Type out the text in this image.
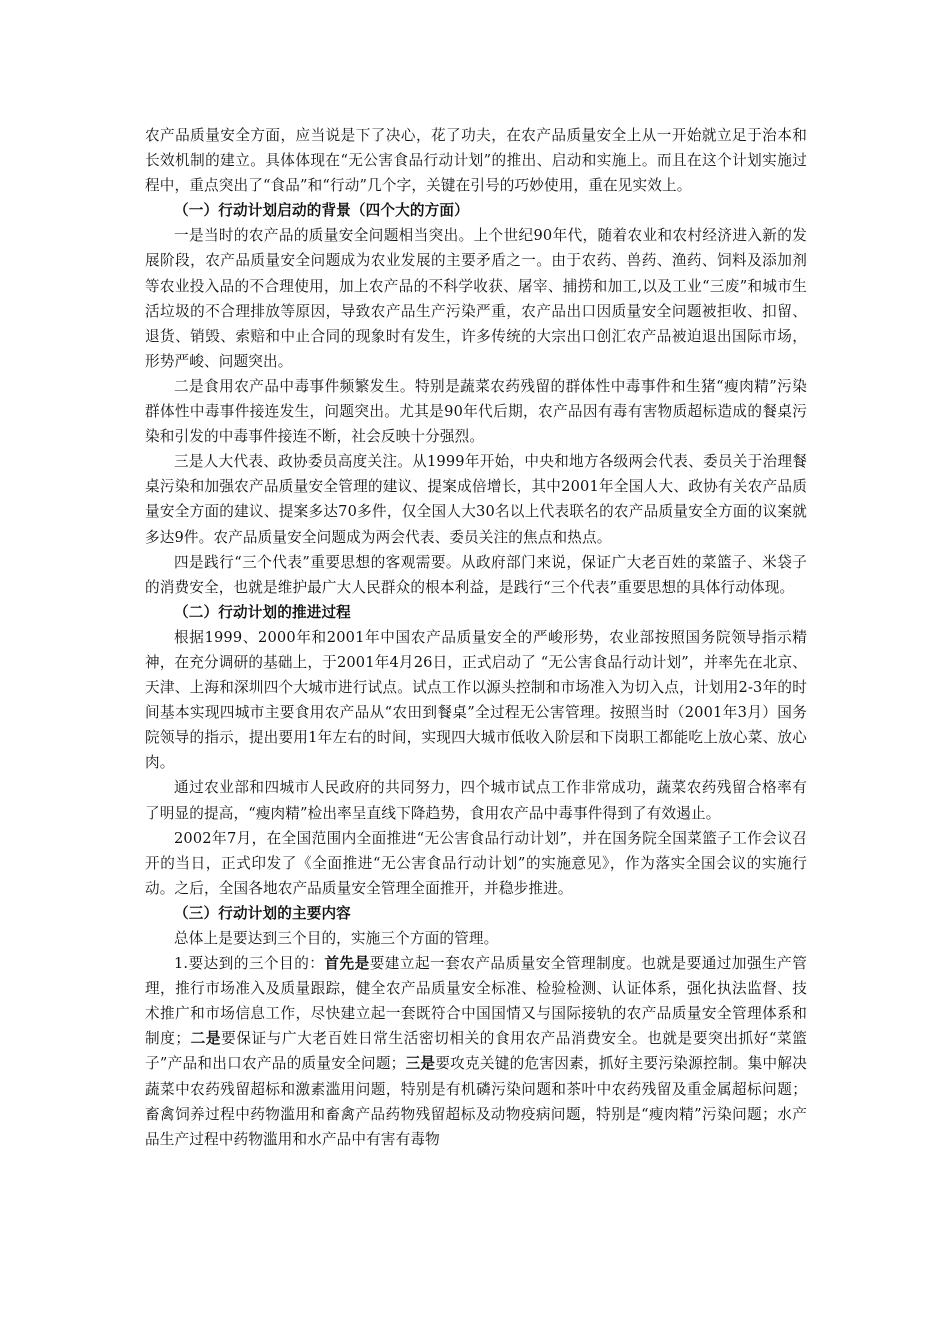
农产品质量安全方面，应当说是下了决心，花了功夫，在农产品质量安全上从一开始就立足于治本和长效机制的建立。具体体现在“无公害食品行动计划”的推出、启动和实施上。而且在这个计划实施过程中，重点突出了“食品”和“行动”几个字，关键在引号的巧妙使用，重在见实效上。

（一）行动计划启动的背景（四个大的方面）

一是当时的农产品的质量安全问题相当突出。上个世纪90年代，随着农业和农村经济进入新的发展阶段，农产品质量安全问题成为农业发展的主要矛盾之一。由于农药、兽药、渔药、饲料及添加剂等农业投入品的不合理使用，加上农产品的不科学收获、屠宰、捕捞和加工,以及工业“三废”和城市生活垃圾的不合理排放等原因，导致农产品生产污染严重，农产品出口因质量安全问题被拒收、扣留、退货、销毁、索赔和中止合同的现象时有发生，许多传统的大宗出口创汇农产品被迫退出国际市场，形势严峻、问题突出。

二是食用农产品中毒事件频繁发生。特别是蔬菜农药残留的群体性中毒事件和生猪“瘦肉精”污染群体性中毒事件接连发生，问题突出。尤其是90年代后期，农产品因有毒有害物质超标造成的餐桌污染和引发的中毒事件接连不断，社会反映十分强烈。

三是人大代表、政协委员高度关注。从1999年开始，中央和地方各级两会代表、委员关于治理餐桌污染和加强农产品质量安全管理的建议、提案成倍增长，其中2001年全国人大、政协有关农产品质量安全方面的建议、提案多达70多件，仅全国人大30名以上代表联名的农产品质量安全方面的议案就多达9件。农产品质量安全问题成为两会代表、委员关注的焦点和热点。

四是践行“三个代表”重要思想的客观需要。从政府部门来说，保证广大老百姓的菜篮子、米袋子的消费安全，也就是维护最广大人民群众的根本利益，是践行“三个代表”重要思想的具体行动体现。

（二）行动计划的推进过程

根据1999、2000年和2001年中国农产品质量安全的严峻形势，农业部按照国务院领导指示精神，在充分调研的基础上，于2001年4月26日，正式启动了 “无公害食品行动计划”，并率先在北京、天津、上海和深圳四个大城市进行试点。试点工作以源头控制和市场准入为切入点，计划用2-3年的时间基本实现四城市主要食用农产品从“农田到餐桌”全过程无公害管理。按照当时（2001年3月）国务院领导的指示，提出要用1年左右的时间，实现四大城市低收入阶层和下岗职工都能吃上放心菜、放心肉。

通过农业部和四城市人民政府的共同努力，四个城市试点工作非常成功，蔬菜农药残留合格率有了明显的提高，“瘦肉精”检出率呈直线下降趋势，食用农产品中毒事件得到了有效遏止。

2002年7月，在全国范围内全面推进“无公害食品行动计划”，并在国务院全国菜篮子工作会议召开的当日，正式印发了《全面推进“无公害食品行动计划”的实施意见》，作为落实全国会议的实施行动。之后，全国各地农产品质量安全管理全面推开，并稳步推进。

（三）行动计划的主要内容

总体上是要达到三个目的，实施三个方面的管理。

1.要达到的三个目的：首先是要建立起一套农产品质量安全管理制度。也就是要通过加强生产管理，推行市场准入及质量跟踪，健全农产品质量安全标准、检验检测、认证体系，强化执法监督、技术推广和市场信息工作，尽快建立起一套既符合中国国情又与国际接轨的农产品质量安全管理体系和制度；二是要保证与广大老百姓日常生活密切相关的食用农产品消费安全。也就是要突出抓好“菜篮子”产品和出口农产品的质量安全问题；三是要攻克关键的危害因素，抓好主要污染源控制。集中解决蔬菜中农药残留超标和激素滥用问题，特别是有机磷污染问题和茶叶中农药残留及重金属超标问题；畜禽饲养过程中药物滥用和畜禽产品药物残留超标及动物疫病问题，特别是“瘦肉精”污染问题；水产品生产过程中药物滥用和水产品中有害有毒物
